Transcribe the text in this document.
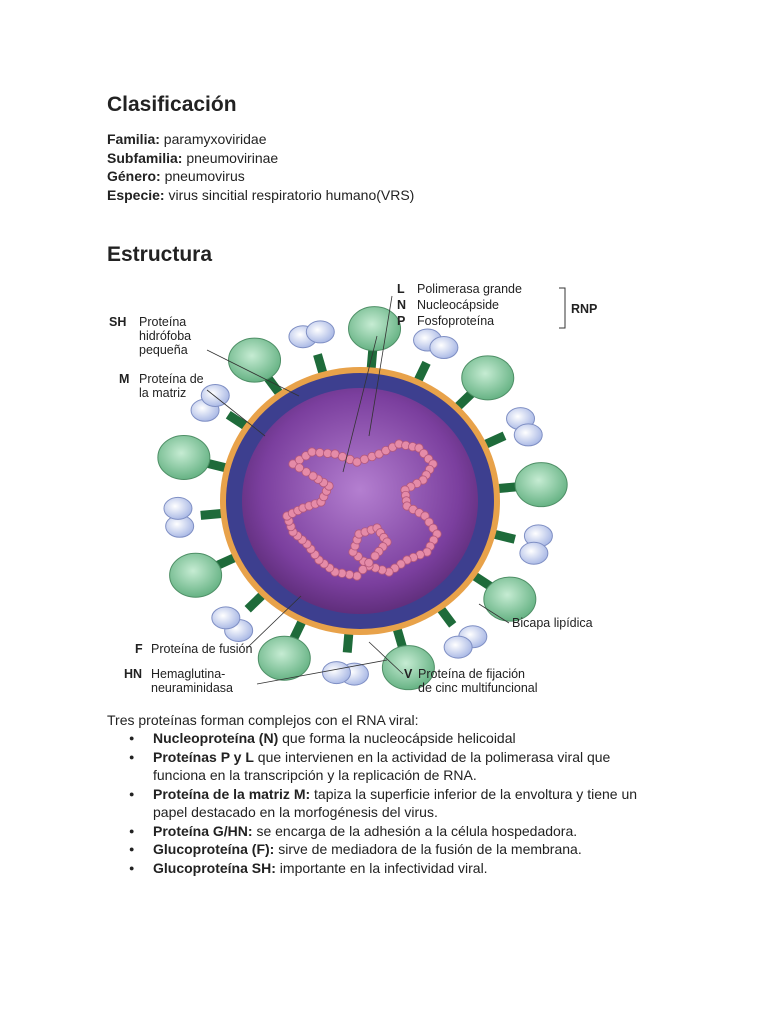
Clasificación
Familia: paramyxoviridae
Subfamilia: pneumovirinae
Género: pneumovirus
Especie: virus sincitial respiratorio humano(VRS)
Estructura
L Polimerasa grande
N Nucleocápside
P Fosfoproteína
RNP
SH Proteína
hidrófoba
pequeña
M Proteína de
la matriz
F Proteína de fusión
HN Hemaglutina-
neuraminidasa
V Proteína de fijación
de cinc multifuncional
Bicapa lipídica
Tres proteínas forman complejos con el RNA viral:
● Nucleoproteína (N) que forma la nucleocápside helicoidal
● Proteínas P y L que intervienen en la actividad de la polimerasa viral que funciona en la transcripción y la replicación de RNA.
● Proteína de la matriz M: tapiza la superficie inferior de la envoltura y tiene un papel destacado en la morfogénesis del virus.
● Proteína G/HN: se encarga de la adhesión a la célula hospedadora.
● Glucoproteína (F): sirve de mediadora de la fusión de la membrana.
● Glucoproteína SH: importante en la infectividad viral.
